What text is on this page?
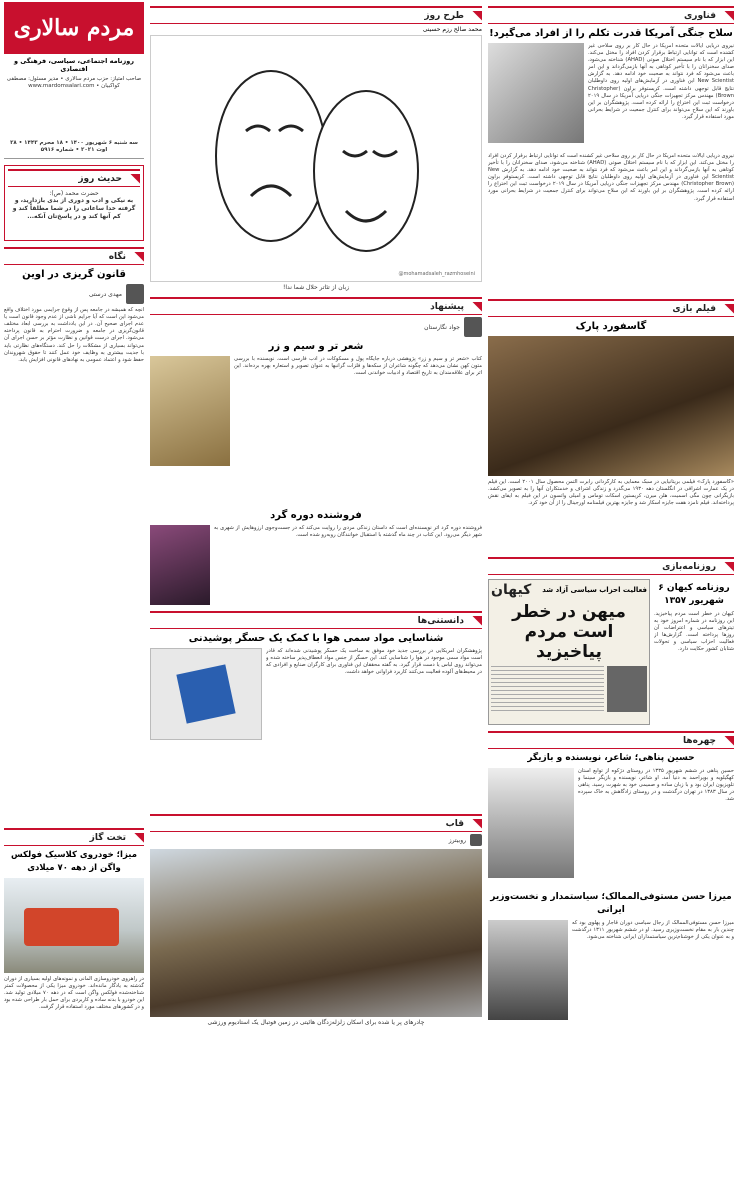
فناوری
سلاح جنگی آمریکا قدرت تکلم را از افراد می‌گیرد!

نیروی دریایی ایالات متحده آمریکا در حال کار بر روی سلاحی غیر کشنده است که توانایی ارتباط برقرار کردن افراد را مختل می‌کند. این ابزار که با نام سیستم اختلال صوتی (AHAD) شناخته می‌شود، صدای سخنرانان را با تأخیر کوتاهی به آنها بازمی‌گرداند و این امر باعث می‌شود که فرد نتواند به صحبت خود ادامه دهد. به گزارش New Scientist این فناوری در آزمایش‌های اولیه روی داوطلبان نتایج قابل توجهی داشته است. کریستوفر براون (Christopher Brown) مهندس مرکز تجهیزات جنگی دریایی آمریکا در سال ۲۰۱۹ درخواست ثبت این اختراع را ارائه کرده است. پژوهشگران بر این باورند که این سلاح می‌تواند برای کنترل جمعیت در شرایط بحرانی مورد استفاده قرار گیرد.

نیروی دریایی ایالات متحده آمریکا در حال کار بر روی سلاحی غیر کشنده است که توانایی ارتباط برقرار کردن افراد را مختل می‌کند. این ابزار که با نام سیستم اختلال صوتی (AHAD) شناخته می‌شود، صدای سخنرانان را با تأخیر کوتاهی به آنها بازمی‌گرداند و این امر باعث می‌شود که فرد نتواند به صحبت خود ادامه دهد. به گزارش New Scientist این فناوری در آزمایش‌های اولیه روی داوطلبان نتایج قابل توجهی داشته است. کریستوفر براون (Christopher Brown) مهندس مرکز تجهیزات جنگی دریایی آمریکا در سال ۲۰۱۹ درخواست ثبت این اختراع را ارائه کرده است. پژوهشگران بر این باورند که این سلاح می‌تواند برای کنترل جمعیت در شرایط بحرانی مورد استفاده قرار گیرد.

فیلم بازی
گاسفورد پارک

«گاسفورد پارک» فیلمی بریتانیایی در سبک معمایی به کارگردانی رابرت آلتمن محصول سال ۲۰۰۱ است. این فیلم در یک عمارت اشرافی در انگلستان دهه ۱۹۳۰ می‌گذرد و زندگی اشراف و خدمتکاران آنها را به تصویر می‌کشد. بازیگرانی چون مگی اسمیت، هلن میرن، کریستین اسکات توماس و امیلی واتسون در این فیلم به ایفای نقش پرداخته‌اند. فیلم نامزد هفت جایزه اسکار شد و جایزه بهترین فیلمنامه اورجینال را از آن خود کرد.

روزنامه‌بازی
روزنامه کیهان ۶ شهریور ۱۳۵۷

کیهان در خطر است مردم پیاخیزید. این روزنامه در شماره امروز خود به تیترهای سیاسی و اعتراضات آن روزها پرداخته است. گزارش‌ها از فعالیت احزاب سیاسی و تحولات شتابان کشور حکایت دارد.

فعالیت احزاب سیاسی آزاد شد
کیهان
میهن در خطر است مردم پیاخیزید
چهره‌ها
حسین پناهی؛ شاعر، نویسنده و بازیگر

حسین پناهی در ششم شهریور ۱۳۳۵ در روستای دژکوه از توابع استان کهگیلویه و بویراحمد به دنیا آمد. او شاعر، نویسنده و بازیگر سینما و تلویزیون ایران بود و با زبان ساده و صمیمی خود به شهرت رسید. پناهی در سال ۱۳۸۳ در تهران درگذشت و در روستای زادگاهش به خاک سپرده شد.

میرزا حسن مستوفی‌الممالک؛ سیاستمدار و نخست‌وزیر ایرانی

میرزا حسن مستوفی‌الممالک از رجال سیاسی دوران قاجار و پهلوی بود که چندین بار به مقام نخست‌وزیری رسید. او در ششم شهریور ۱۳۱۱ درگذشت و به عنوان یکی از خوشنام‌ترین سیاستمداران ایرانی شناخته می‌شود.

طرح روز
محمد صالح رزم حسینی
@mohamadsaleh_razmhoseini
زبان از تئاتر حلال شما ندا!
پیشنهاد
جواد نگارستان
شعر تر و سیم و زر

کتاب «شعر تر و سیم و زر» پژوهشی درباره جایگاه پول و مسکوکات در ادب فارسی است. نویسنده با بررسی متون کهن نشان می‌دهد که چگونه شاعران از سکه‌ها و فلزات گرانبها به عنوان تصویر و استعاره بهره برده‌اند. این اثر برای علاقه‌مندان به تاریخ اقتصاد و ادبیات خواندنی است.

فروشنده دوره گرد

فروشنده دوره گرد اثر نویسنده‌ای است که داستان زندگی مردی را روایت می‌کند که در جست‌وجوی آرزوهایش از شهری به شهر دیگر می‌رود. این کتاب در چند ماه گذشته با استقبال خوانندگان روبه‌رو شده است.

دانستنی‌ها
شناسایی مواد سمی هوا با کمک یک حسگر پوشیدنی

پژوهشگران آمریکایی در بررسی جدید خود موفق به ساخت یک حسگر پوشیدنی شده‌اند که قادر است مواد سمی موجود در هوا را شناسایی کند. این حسگر از جنس مواد انعطاف‌پذیر ساخته شده و می‌تواند روی لباس یا دست قرار گیرد. به گفته محققان این فناوری برای کارگران صنایع و افرادی که در محیط‌های آلوده فعالیت می‌کنند کاربرد فراوانی خواهد داشت.

قاب
روبیترز
چادرهای پر یا شده برای اسکان زلزله‌زدگان هائیتی در زمین فوتبال یک استادیوم ورزشی
مردم سالاری
روزنامه اجتماعی، سیاسی، فرهنگی و اقتصادی
صاحب امتیاز: حزب مردم سالاری • مدیر مسئول: مصطفی کواکبیان • www.mardomsalari.com
سه شنبه ۶ شهریور ۱۴۰۰ • ۱۸ محرم ۱۴۴۳ • ۲۸ اوت ۲۰۲۱ • شماره ۵۹۱۶
حدیث روز
حضرت محمد (ص):

به نیکی و ادب و دوری از بدی بازدارید، و گرفته خدا ساعاتی را در شما مطلقاً کند و کم آنها کند و در پاسخ‌تان آنکه...

نگاه
قانون گریزی در اوین
مهدی درستی

آنچه که همیشه در جامعه پس از وقوع جرایمی مورد اختلاف واقع می‌شود این است که آیا جرایم ناشی از عدم وجود قانون است یا عدم اجرای صحیح آن. در این یادداشت به بررسی ابعاد مختلف قانون‌گریزی در جامعه و ضرورت احترام به قانون پرداخته می‌شود. اجرای درست قوانین و نظارت مؤثر بر حسن اجرای آن می‌تواند بسیاری از مشکلات را حل کند. دستگاه‌های نظارتی باید با جدیت بیشتری به وظایف خود عمل کنند تا حقوق شهروندان حفظ شود و اعتماد عمومی به نهادهای قانونی افزایش یابد.

تخت گاز
میزا؛ خودروی کلاسیک فولکس واگن از دهه ۷۰ میلادی

در راهروی خودروسازی آلمانی و نمونه‌های اولیه بسیاری از دوران گذشته به یادگار مانده‌اند. خودروی میزا یکی از محصولات کمتر شناخته‌شده فولکس واگن است که در دهه ۷۰ میلادی تولید شد. این خودرو با بدنه ساده و کاربردی برای حمل بار طراحی شده بود و در کشورهای مختلف مورد استفاده قرار گرفت.
